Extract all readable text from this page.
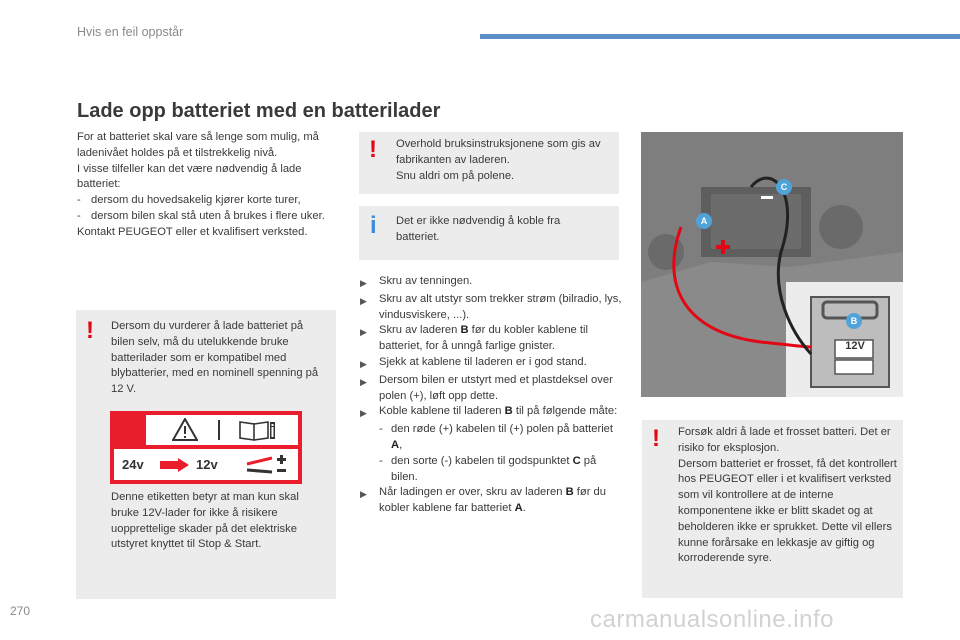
Hvis en feil oppstår
Lade opp batteriet med en batterilader
For at batteriet skal vare så lenge som mulig, må ladenivået holdes på et tilstrekkelig nivå.
I visse tilfeller kan det være nødvendig å lade batteriet:
- dersom du hovedsakelig kjører korte turer,
- dersom bilen skal stå uten å brukes i flere uker.
Kontakt PEUGEOT eller et kvalifisert verksted.
! Dersom du vurderer å lade batteriet på bilen selv, må du utelukkende bruke batterilader som er kompatibel med blybatterier, med en nominell spenning på 12 V.
24v	12v
Denne etiketten betyr at man kun skal bruke 12V-lader for ikke å risikere uopprettelige skader på det elektriske utstyret knyttet til Stop & Start.
! Overhold bruksinstruksjonene som gis av fabrikanten av laderen.
Snu aldri om på polene.
i Det er ikke nødvendig å koble fra batteriet.
▶	Skru av tenningen.
▶	Skru av alt utstyr som trekker strøm (bilradio, lys, vindusviskere, ...).
▶	Skru av laderen B før du kobler kablene til batteriet, for å unngå farlige gnister.
▶	Sjekk at kablene til laderen er i god stand.
▶	Dersom bilen er utstyrt med et plastdeksel over polen (+), løft opp dette.
▶	Koble kablene til laderen B til på følgende måte:
- den røde (+) kabelen til (+) polen på batteriet A,
- den sorte (-) kabelen til godspunktet C på bilen.
▶	Når ladingen er over, skru av laderen B før du kobler kablene far batteriet A.
A
C
B
12V
! Forsøk aldri å lade et frosset batteri. Det er risiko for eksplosjon.
Dersom batteriet er frosset, få det kontrollert hos PEUGEOT eller i et kvalifisert verksted som vil kontrollere at de interne komponentene ikke er blitt skadet og at beholderen ikke er sprukket. Dette vil ellers kunne forårsake en lekkasje av giftig og korroderende syre.
270	carmanualsonline.info
